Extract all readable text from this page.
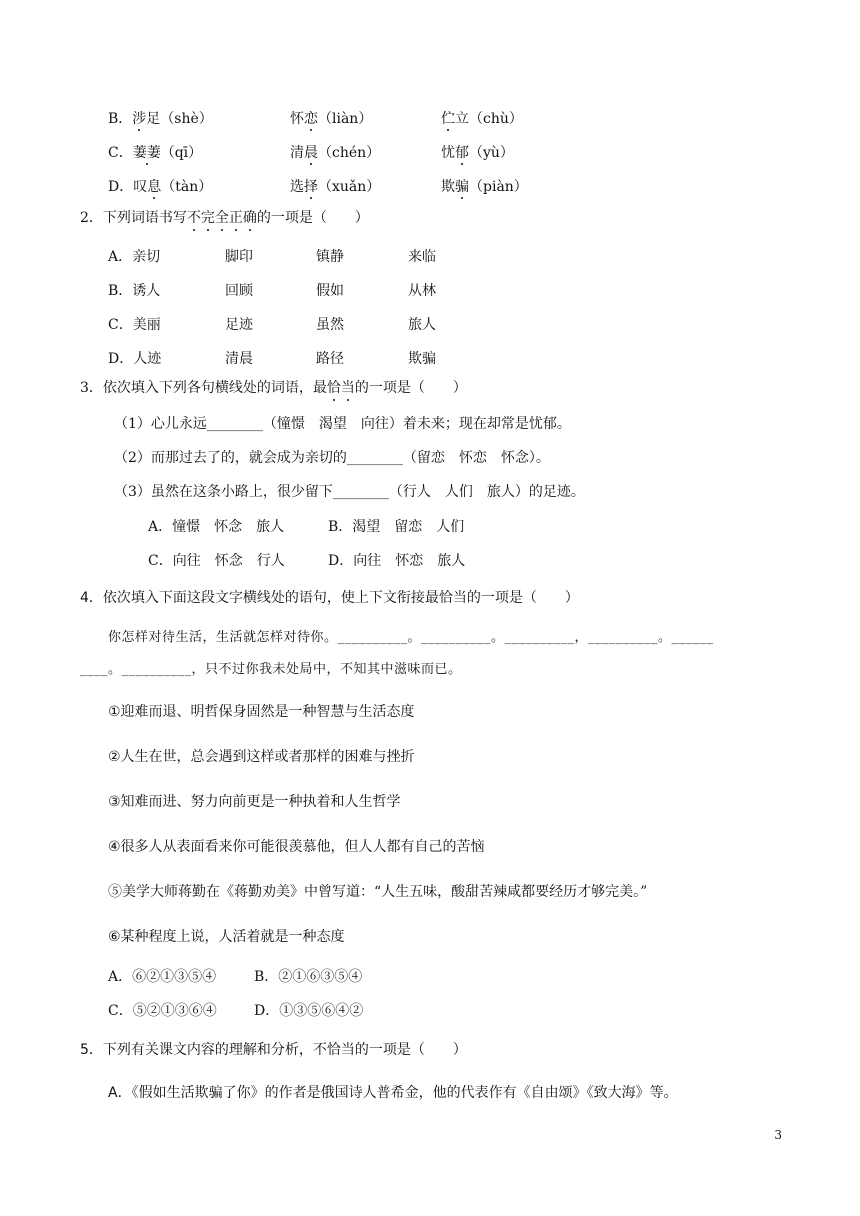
B．涉足（shè）	怀恋（liàn）	伫立（chù）
C．萋萋（qī）	清晨（chén）	忧郁（yù）
D．叹息（tàn）	选择（xuǎn）	欺骗（piàn）
2．下列词语书写不完全正确的一项是（　　）
A．亲切	脚印	镇静	来临
B．诱人	回顾	假如	从林
C．美丽	足迹	虽然	旅人
D．人迹	清晨	路径	欺骗
3．依次填入下列各句横线处的词语，最恰当的一项是（　　）
（1）心儿永远________（憧憬　渴望　向往）着未来；现在却常是忧郁。
（2）而那过去了的，就会成为亲切的________（留恋　怀恋　怀念）。
（3）虽然在这条小路上，很少留下________（行人　人们　旅人）的足迹。
A．憧憬　怀念　旅人	B．渴望　留恋　人们
C．向往　怀念　行人	D．向往　怀恋　旅人
4．依次填入下面这段文字横线处的语句，使上下文衔接最恰当的一项是（　　）
你怎样对待生活，生活就怎样对待你。__________。__________。__________，__________。______
____。__________，只不过你我未处局中，不知其中滋味而已。
①迎难而退、明哲保身固然是一种智慧与生活态度
②人生在世，总会遇到这样或者那样的困难与挫折
③知难而进、努力向前更是一种执着和人生哲学
④很多人从表面看来你可能很羡慕他，但人人都有自己的苦恼
⑤美学大师蒋勤在《蒋勤劝美》中曾写道：“人生五味，酸甜苦辣咸都要经历才够完美。”
⑥某种程度上说，人活着就是一种态度
A．⑥②①③⑤④	B．②①⑥③⑤④
C．⑤②①③⑥④	D．①③⑤⑥④②
5．下列有关课文内容的理解和分析，不恰当的一项是（　　）
A．《假如生活欺骗了你》的作者是俄国诗人普希金，他的代表作有《自由颂》《致大海》等。
3
